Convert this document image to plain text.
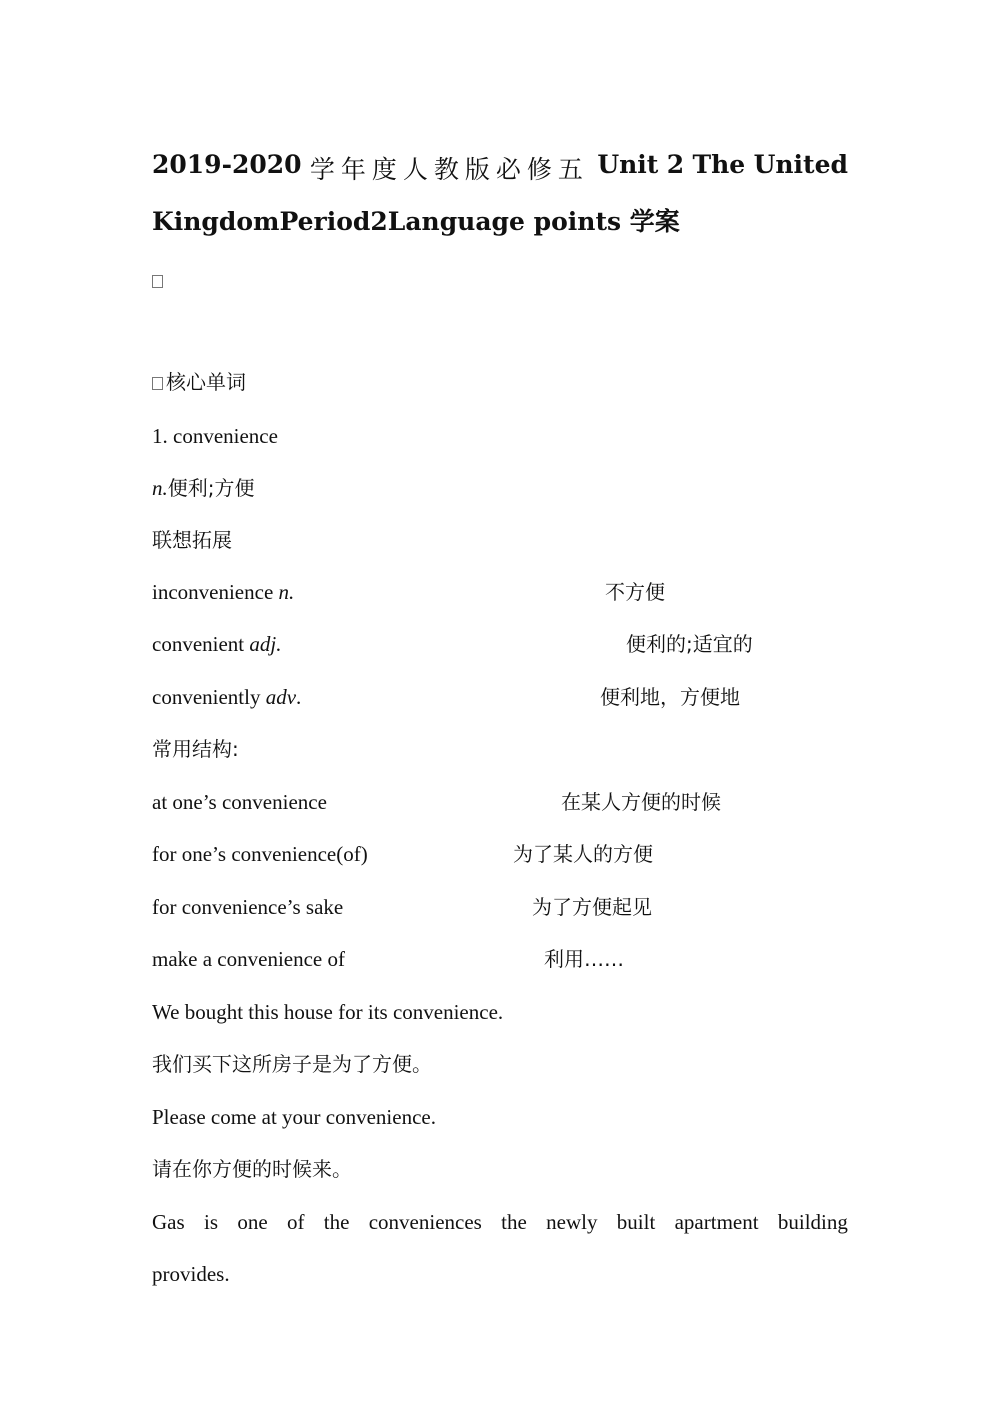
2019-2020 学年度人教版必修五 Unit 2 The United
KingdomPeriod2Language points 学案
核心单词
1. convenience
n.便利;方便
联想拓展
inconvenience n.	不方便
convenient adj.	便利的;适宜的
conveniently adv.	便利地，方便地
常用结构:
at one’s convenience	在某人方便的时候
for one’s convenience(of)	为了某人的方便
for convenience’s sake	为了方便起见
make a convenience of	利用……
We bought this house for its convenience.
我们买下这所房子是为了方便。
Please come at your convenience.
请在你方便的时候来。
Gas is one of the conveniences the newly built apartment building
provides.
